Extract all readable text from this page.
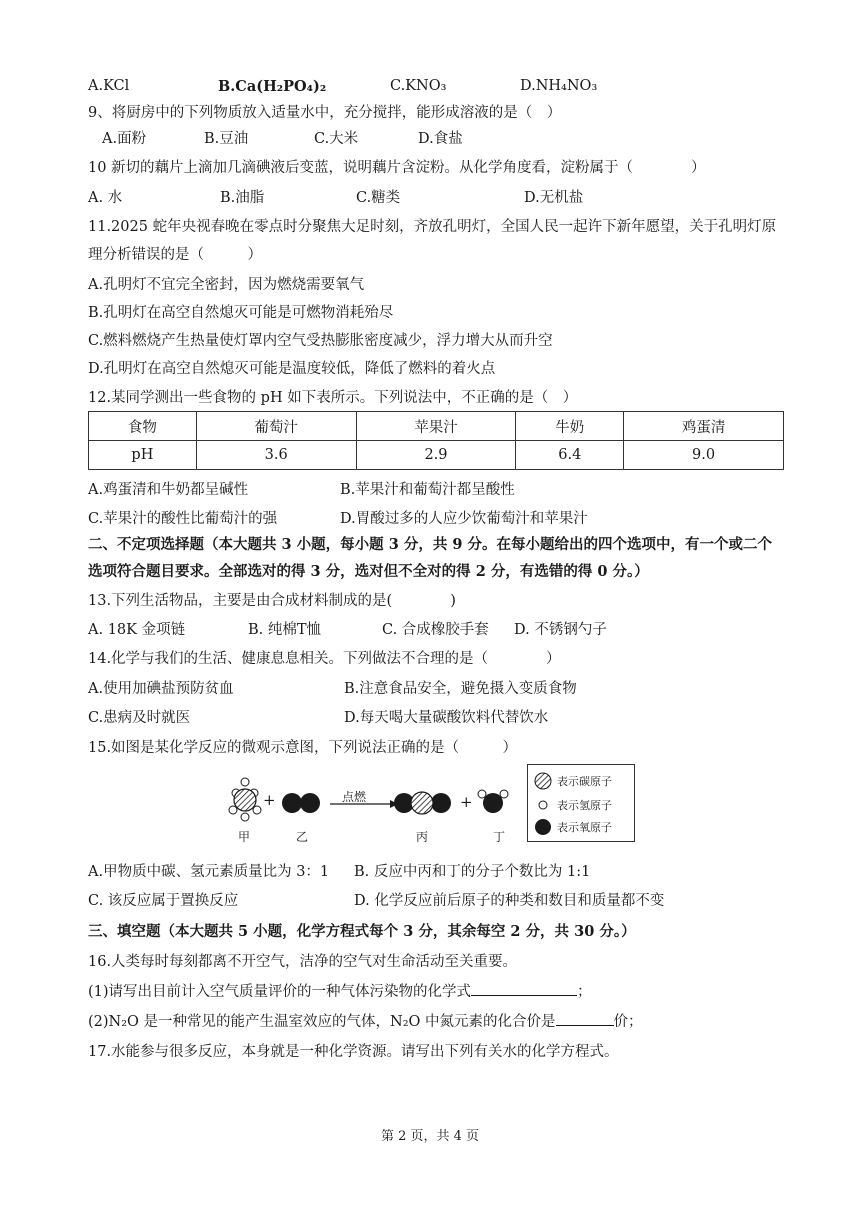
A.KCl	B.Ca(H₂PO₄)₂	C.KNO₃	D.NH₄NO₃
9、将厨房中的下列物质放入适量水中，充分搅拌，能形成溶液的是（　）
A.面粉	B.豆油	C.大米	D.食盐
10 新切的藕片上滴加几滴碘液后变蓝，说明藕片含淀粉。从化学角度看，淀粉属于（　　　　）
A. 水	B.油脂	C.糖类	D.无机盐
11.2025 蛇年央视春晚在零点时分聚焦大足时刻，齐放孔明灯，全国人民一起许下新年愿望，关于孔明灯原
理分析错误的是（　　　）
A.孔明灯不宜完全密封，因为燃烧需要氧气
B.孔明灯在高空自然熄灭可能是可燃物消耗殆尽
C.燃料燃烧产生热量使灯罩内空气受热膨胀密度减少，浮力增大从而升空
D.孔明灯在高空自然熄灭可能是温度较低，降低了燃料的着火点
12.某同学测出一些食物的 pH 如下表所示。下列说法中，不正确的是（　）
食物	葡萄汁	苹果汁	牛奶	鸡蛋清
pH	3.6	2.9	6.4	9.0
A.鸡蛋清和牛奶都呈碱性	B.苹果汁和葡萄汁都呈酸性
C.苹果汁的酸性比葡萄汁的强	D.胃酸过多的人应少饮葡萄汁和苹果汁
二、不定项选择题（本大题共 3 小题，每小题 3 分，共 9 分。在每小题给出的四个选项中，有一个或二个
选项符合题目要求。全部选对的得 3 分，选对但不全对的得 2 分，有选错的得 0 分。）
13.下列生活物品，主要是由合成材料制成的是(　　　　)
A. 18K 金项链	B. 纯棉T恤	C. 合成橡胶手套 D. 不锈钢勺子
14.化学与我们的生活、健康息息相关。下列做法不合理的是（　　　　）
A.使用加碘盐预防贫血	B.注意食品安全，避免摄入变质食物
C.患病及时就医	D.每天喝大量碳酸饮料代替饮水
15.如图是某化学反应的微观示意图，下列说法正确的是（　　　）
+	+
点燃
甲	乙	丙	丁
表示碳原子
表示氢原子
表示氧原子
A.甲物质中碳、氢元素质量比为 3：1 B. 反应中丙和丁的分子个数比为 1:1
C. 该反应属于置换反应	D. 化学反应前后原子的种类和数目和质量都不变
三、填空题（本大题共 5 小题，化学方程式每个 3 分，其余每空 2 分，共 30 分。）
16.人类每时每刻都离不开空气，洁净的空气对生命活动至关重要。
(1)请写出目前计入空气质量评价的一种气体污染物的化学式	；
(2)N₂O 是一种常见的能产生温室效应的气体，N₂O 中氮元素的化合价是	价；
17.水能参与很多反应，本身就是一种化学资源。请写出下列有关水的化学方程式。
第 2 页，共 4 页
